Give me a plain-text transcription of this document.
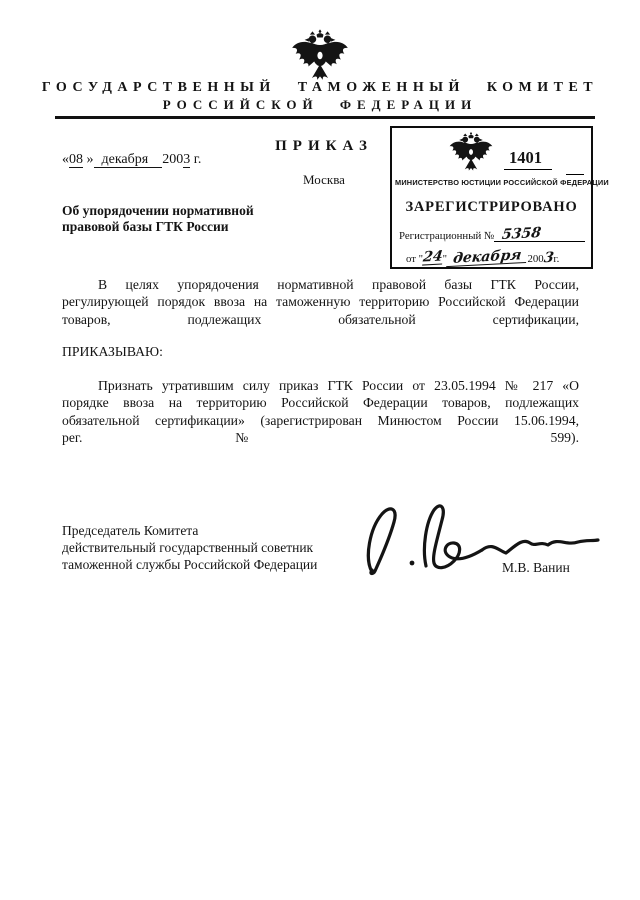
ГОСУДАРСТВЕННЫЙ ТАМОЖЕННЫЙ КОМИТЕТ
РОССИЙСКОЙ ФЕДЕРАЦИИ
ПРИКАЗ
«08 » декабря 2003 г.
Москва
Об упорядочении нормативной
правовой базы ГТК России
1401
МИНИСТЕРСТВО ЮСТИЦИИ РОССИЙСКОЙ ФЕДЕРАЦИИ
ЗАРЕГИСТРИРОВАНО
Регистрационный № 5358
от " 24
" декабря 200 3 г.
В целях упорядочения нормативной правовой базы ГТК России,
регулирующей порядок ввоза на таможенную территорию Российской Федерации
товаров, подлежащих обязательной сертификации,
ПРИКАЗЫВАЮ:
Признать утратившим силу приказ ГТК России от 23.05.1994 № 217 «О
порядке ввоза на территорию Российской Федерации товаров, подлежащих
обязательной сертификации» (зарегистрирован Минюстом России 15.06.1994,
рег. № 599).
Председатель Комитета
действительный государственный советник
таможенной службы Российской Федерации	М.В. Ванин
